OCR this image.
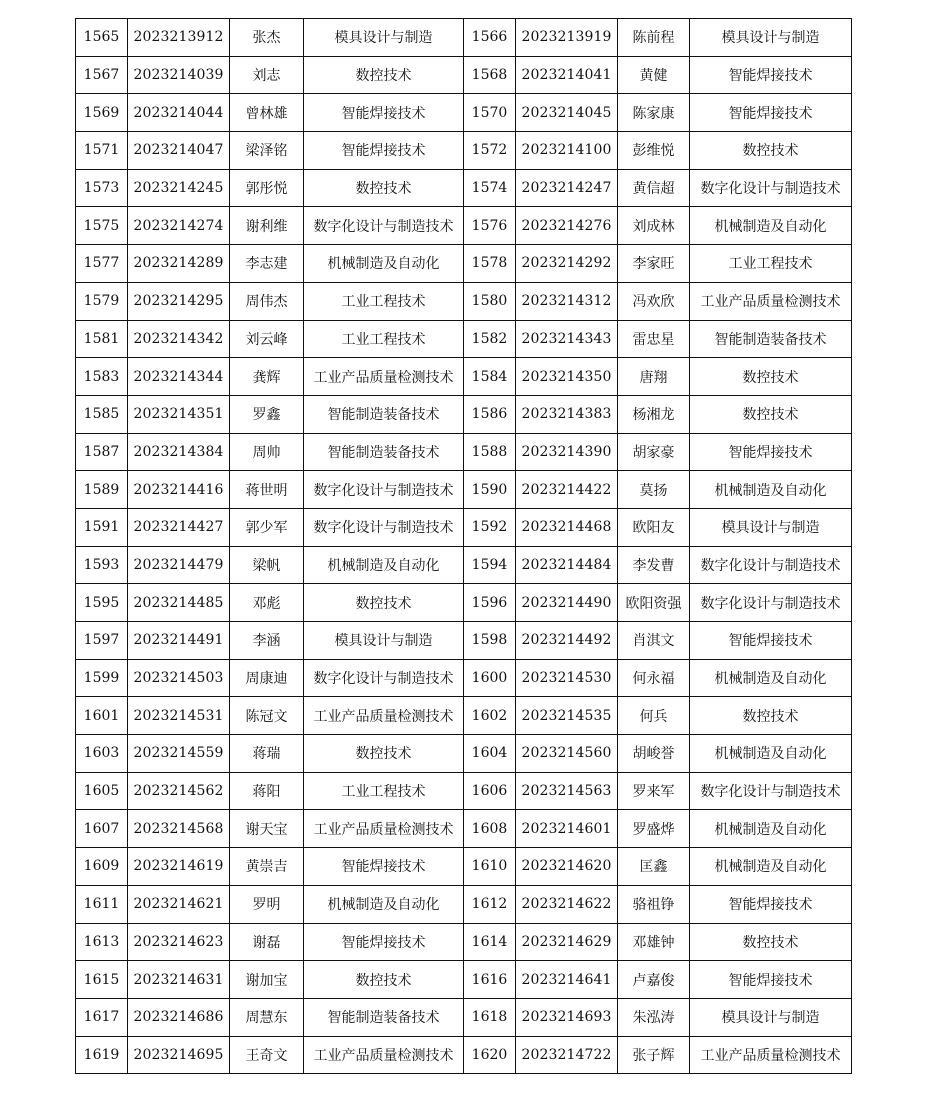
1565	2023213912	张杰	模具设计与制造	1566	2023213919	陈前程	模具设计与制造
1567	2023214039	刘志	数控技术	1568	2023214041	黄健	智能焊接技术
1569	2023214044	曾林雄	智能焊接技术	1570	2023214045	陈家康	智能焊接技术
1571	2023214047	梁泽铭	智能焊接技术	1572	2023214100	彭维悦	数控技术
1573	2023214245	郭彤悦	数控技术	1574	2023214247	黄信超	数字化设计与制造技术
1575	2023214274	谢利维	数字化设计与制造技术	1576	2023214276	刘成林	机械制造及自动化
1577	2023214289	李志建	机械制造及自动化	1578	2023214292	李家旺	工业工程技术
1579	2023214295	周伟杰	工业工程技术	1580	2023214312	冯欢欣	工业产品质量检测技术
1581	2023214342	刘云峰	工业工程技术	1582	2023214343	雷忠星	智能制造装备技术
1583	2023214344	龚辉	工业产品质量检测技术	1584	2023214350	唐翔	数控技术
1585	2023214351	罗鑫	智能制造装备技术	1586	2023214383	杨湘龙	数控技术
1587	2023214384	周帅	智能制造装备技术	1588	2023214390	胡家豪	智能焊接技术
1589	2023214416	蒋世明	数字化设计与制造技术	1590	2023214422	莫扬	机械制造及自动化
1591	2023214427	郭少军	数字化设计与制造技术	1592	2023214468	欧阳友	模具设计与制造
1593	2023214479	梁帆	机械制造及自动化	1594	2023214484	李发曹	数字化设计与制造技术
1595	2023214485	邓彪	数控技术	1596	2023214490	欧阳资强	数字化设计与制造技术
1597	2023214491	李涵	模具设计与制造	1598	2023214492	肖淇文	智能焊接技术
1599	2023214503	周康迪	数字化设计与制造技术	1600	2023214530	何永福	机械制造及自动化
1601	2023214531	陈冠文	工业产品质量检测技术	1602	2023214535	何兵	数控技术
1603	2023214559	蒋瑞	数控技术	1604	2023214560	胡峻誉	机械制造及自动化
1605	2023214562	蒋阳	工业工程技术	1606	2023214563	罗来军	数字化设计与制造技术
1607	2023214568	谢天宝	工业产品质量检测技术	1608	2023214601	罗盛烨	机械制造及自动化
1609	2023214619	黄崇吉	智能焊接技术	1610	2023214620	匡鑫	机械制造及自动化
1611	2023214621	罗明	机械制造及自动化	1612	2023214622	骆祖铮	智能焊接技术
1613	2023214623	谢磊	智能焊接技术	1614	2023214629	邓雄钟	数控技术
1615	2023214631	谢加宝	数控技术	1616	2023214641	卢嘉俊	智能焊接技术
1617	2023214686	周慧东	智能制造装备技术	1618	2023214693	朱泓涛	模具设计与制造
1619	2023214695	王奇文	工业产品质量检测技术	1620	2023214722	张子辉	工业产品质量检测技术
